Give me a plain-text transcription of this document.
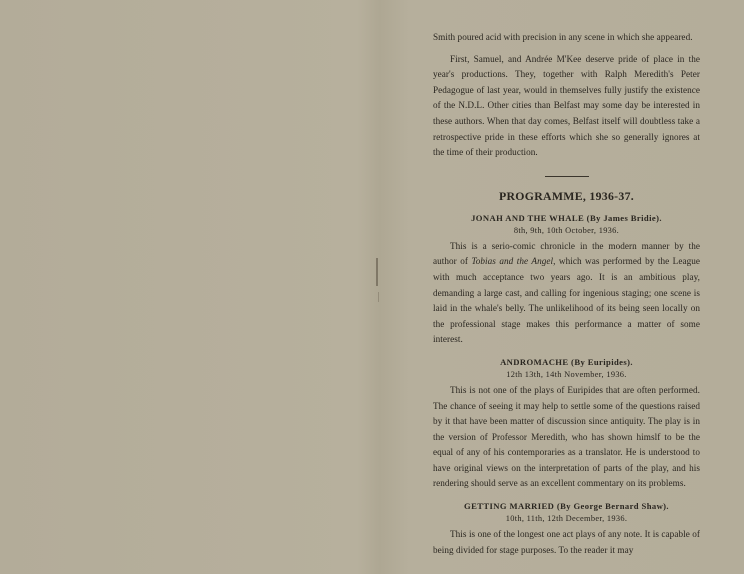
Smith poured acid with precision in any scene in which she appeared.

First, Samuel, and Andrée M'Kee deserve pride of place in the year's productions. They, together with Ralph Meredith's Peter Pedagogue of last year, would in themselves fully justify the existence of the N.D.L. Other cities than Belfast may some day be interested in these authors. When that day comes, Belfast itself will doubtless take a retrospective pride in these efforts which she so generally ignores at the time of their production.

PROGRAMME, 1936-37.
JONAH AND THE WHALE (By James Bridie).
8th, 9th, 10th October, 1936.

This is a serio-comic chronicle in the modern manner by the author of Tobias and the Angel, which was performed by the League with much acceptance two years ago. It is an ambitious play, demanding a large cast, and calling for ingenious staging; one scene is laid in the whale's belly. The unlikelihood of its being seen locally on the professional stage makes this performance a matter of some interest.

ANDROMACHE (By Euripides).
12th 13th, 14th November, 1936.

This is not one of the plays of Euripides that are often performed. The chance of seeing it may help to settle some of the questions raised by it that have been matter of discussion since antiquity. The play is in the version of Professor Meredith, who has shown himslf to be the equal of any of his contemporaries as a translator. He is understood to have original views on the interpretation of parts of the play, and his rendering should serve as an excellent commentary on its problems.

GETTING MARRIED (By George Bernard Shaw).
10th, 11th, 12th December, 1936.

This is one of the longest one act plays of any note. It is capable of being divided for stage purposes. To the reader it may
